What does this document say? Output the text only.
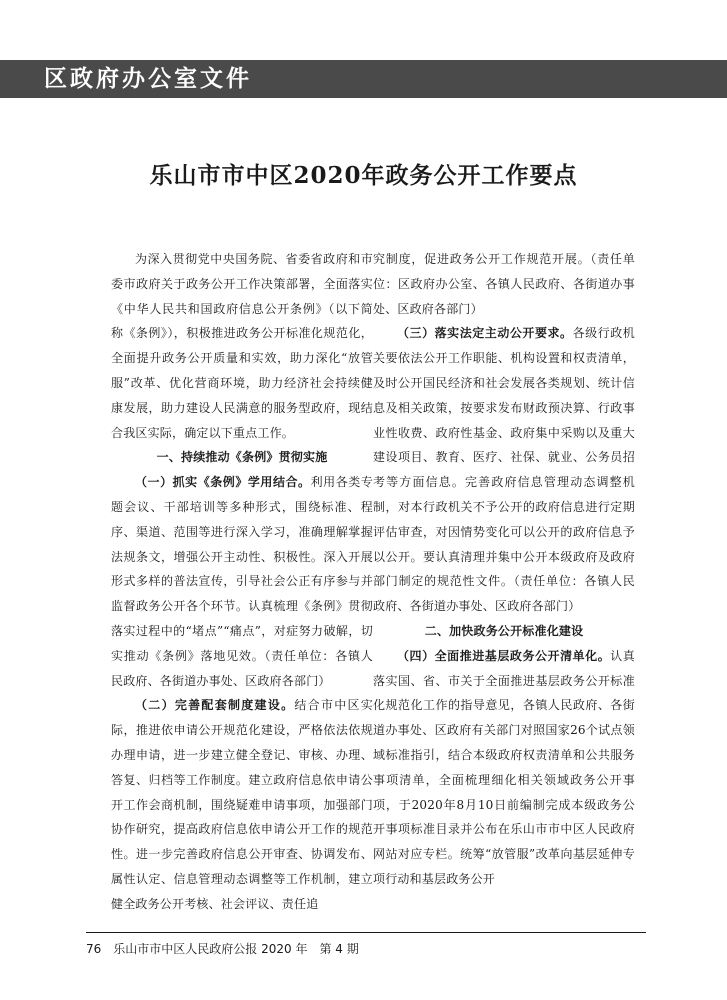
区政府办公室文件
乐山市市中区2020年政务公开工作要点

为深入贯彻党中央国务院、省委省政府和市委市政府关于政务公开工作决策部署，全面落实《中华人民共和国政府信息公开条例》（以下简称《条例》），积极推进政务公开标准化规范化，全面提升政务公开质量和实效，助力深化“放管服”改革、优化营商环境，助力经济社会持续健康发展，助力建设人民满意的服务型政府，现结合我区实际，确定以下重点工作。

一、持续推动《条例》贯彻实施

（一）抓实《条例》学用结合。利用各类专题会议、干部培训等多种形式，围绕标准、程序、渠道、范围等进行深入学习，准确理解掌握法规条文，增强公开主动性、积极性。深入开展形式多样的普法宣传，引导社会公正有序参与并监督政务公开各个环节。认真梳理《条例》贯彻落实过程中的“堵点”“痛点”，对症努力破解，切实推动《条例》落地见效。（责任单位：各镇人民政府、各街道办事处、区政府各部门）

（二）完善配套制度建设。结合市中区实际，推进依申请公开规范化建设，严格依法依规办理申请，进一步建立健全登记、审核、办理、答复、归档等工作制度。建立政府信息依申请公开工作会商机制，围绕疑难申请事项，加强部门协作研究，提高政府信息依申请公开工作的规范性。进一步完善政府信息公开审查、协调发布、属性认定、信息管理动态调整等工作机制，建立健全政务公开考核、社会评议、责任追

究制度，促进政务公开工作规范开展。（责任单位：区政府办公室、各镇人民政府、各街道办事处、区政府各部门）

（三）落实法定主动公开要求。各级行政机关要依法公开工作职能、机构设置和权责清单，及时公开国民经济和社会发展各类规划、统计信息及相关政策，按要求发布财政预决算、行政事业性收费、政府性基金、政府集中采购以及重大建设项目、教育、医疗、社保、就业、公务员招考等方面信息。完善政府信息管理动态调整机制，对本行政机关不予公开的政府信息进行定期评估审查，对因情势变化可以公开的政府信息予以公开。要认真清理并集中公开本级政府及政府部门制定的规范性文件。（责任单位：各镇人民政府、各街道办事处、区政府各部门）

二、加快政务公开标准化建设

（四）全面推进基层政务公开清单化。认真落实国、省、市关于全面推进基层政务公开标准化规范化工作的指导意见，各镇人民政府、各街道办事处、区政府有关部门对照国家26个试点领域标准指引，结合本级政府权责清单和公共服务事项清单，全面梳理细化相关领域政务公开事项，于2020年8月10日前编制完成本级政务公开事项标准目录并公布在乐山市市中区人民政府网站对应专栏。统筹“放管服”改革向基层延伸专项行动和基层政务公开

76 乐山市市中区人民政府公报 2020 年　第 4 期
